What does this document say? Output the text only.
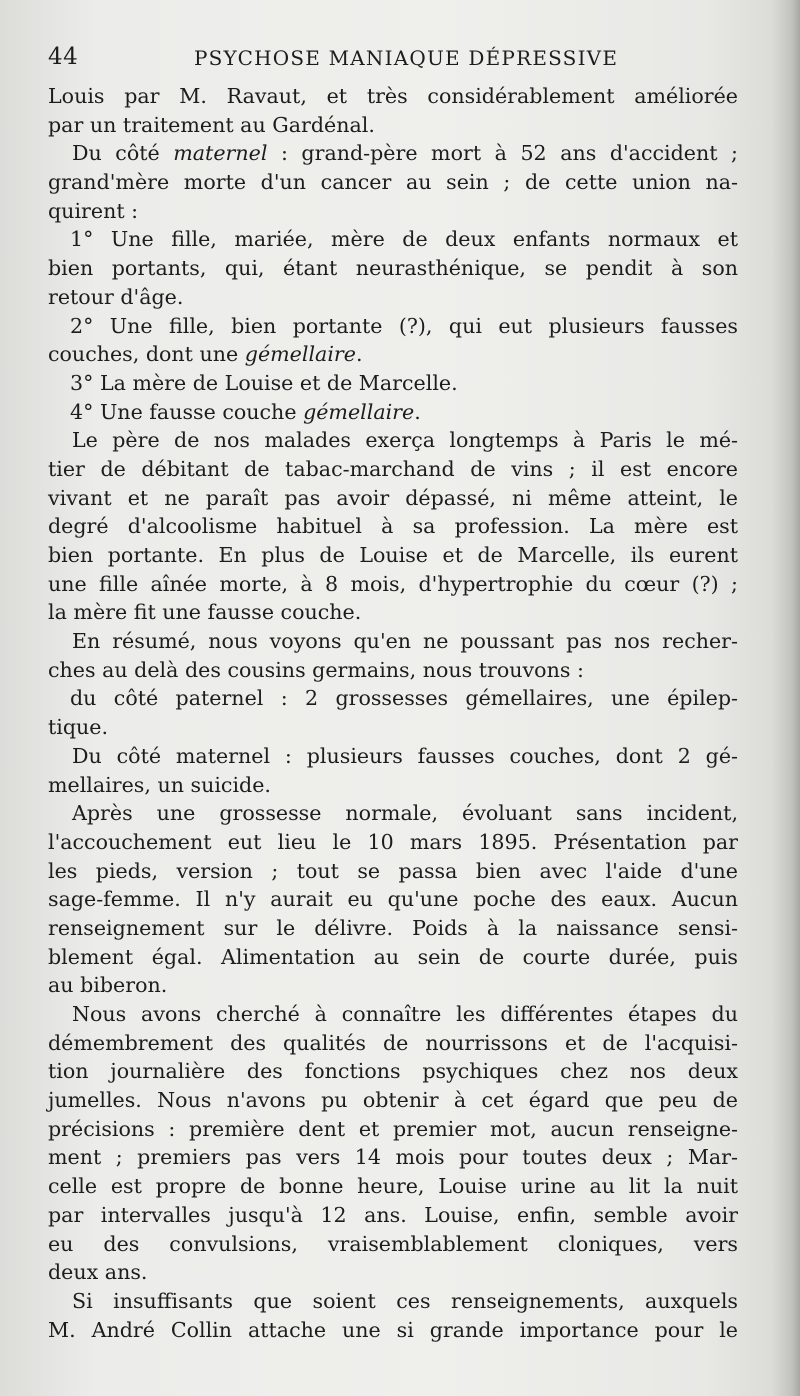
44	PSYCHOSE MANIAQUE DÉPRESSIVE
Louis par M. Ravaut, et très considérablement améliorée
par un traitement au Gardénal.
Du côté maternel : grand-père mort à 52 ans d'accident ;
grand'mère morte d'un cancer au sein ; de cette union na-
quirent :
1° Une fille, mariée, mère de deux enfants normaux et
bien portants, qui, étant neurasthénique, se pendit à son
retour d'âge.
2° Une fille, bien portante (?), qui eut plusieurs fausses
couches, dont une gémellaire.
3° La mère de Louise et de Marcelle.
4° Une fausse couche gémellaire.
Le père de nos malades exerça longtemps à Paris le mé-
tier de débitant de tabac-marchand de vins ; il est encore
vivant et ne paraît pas avoir dépassé, ni même atteint, le
degré d'alcoolisme habituel à sa profession. La mère est
bien portante. En plus de Louise et de Marcelle, ils eurent
une fille aînée morte, à 8 mois, d'hypertrophie du cœur (?) ;
la mère fit une fausse couche.
En résumé, nous voyons qu'en ne poussant pas nos recher-
ches au delà des cousins germains, nous trouvons :
du côté paternel : 2 grossesses gémellaires, une épilep-
tique.
Du côté maternel : plusieurs fausses couches, dont 2 gé-
mellaires, un suicide.
Après une grossesse normale, évoluant sans incident,
l'accouchement eut lieu le 10 mars 1895. Présentation par
les pieds, version ; tout se passa bien avec l'aide d'une
sage-femme. Il n'y aurait eu qu'une poche des eaux. Aucun
renseignement sur le délivre. Poids à la naissance sensi-
blement égal. Alimentation au sein de courte durée, puis
au biberon.
Nous avons cherché à connaître les différentes étapes du
démembrement des qualités de nourrissons et de l'acquisi-
tion journalière des fonctions psychiques chez nos deux
jumelles. Nous n'avons pu obtenir à cet égard que peu de
précisions : première dent et premier mot, aucun renseigne-
ment ; premiers pas vers 14 mois pour toutes deux ; Mar-
celle est propre de bonne heure, Louise urine au lit la nuit
par intervalles jusqu'à 12 ans. Louise, enfin, semble avoir
eu des convulsions, vraisemblablement cloniques, vers
deux ans.
Si insuffisants que soient ces renseignements, auxquels
M. André Collin attache une si grande importance pour le
